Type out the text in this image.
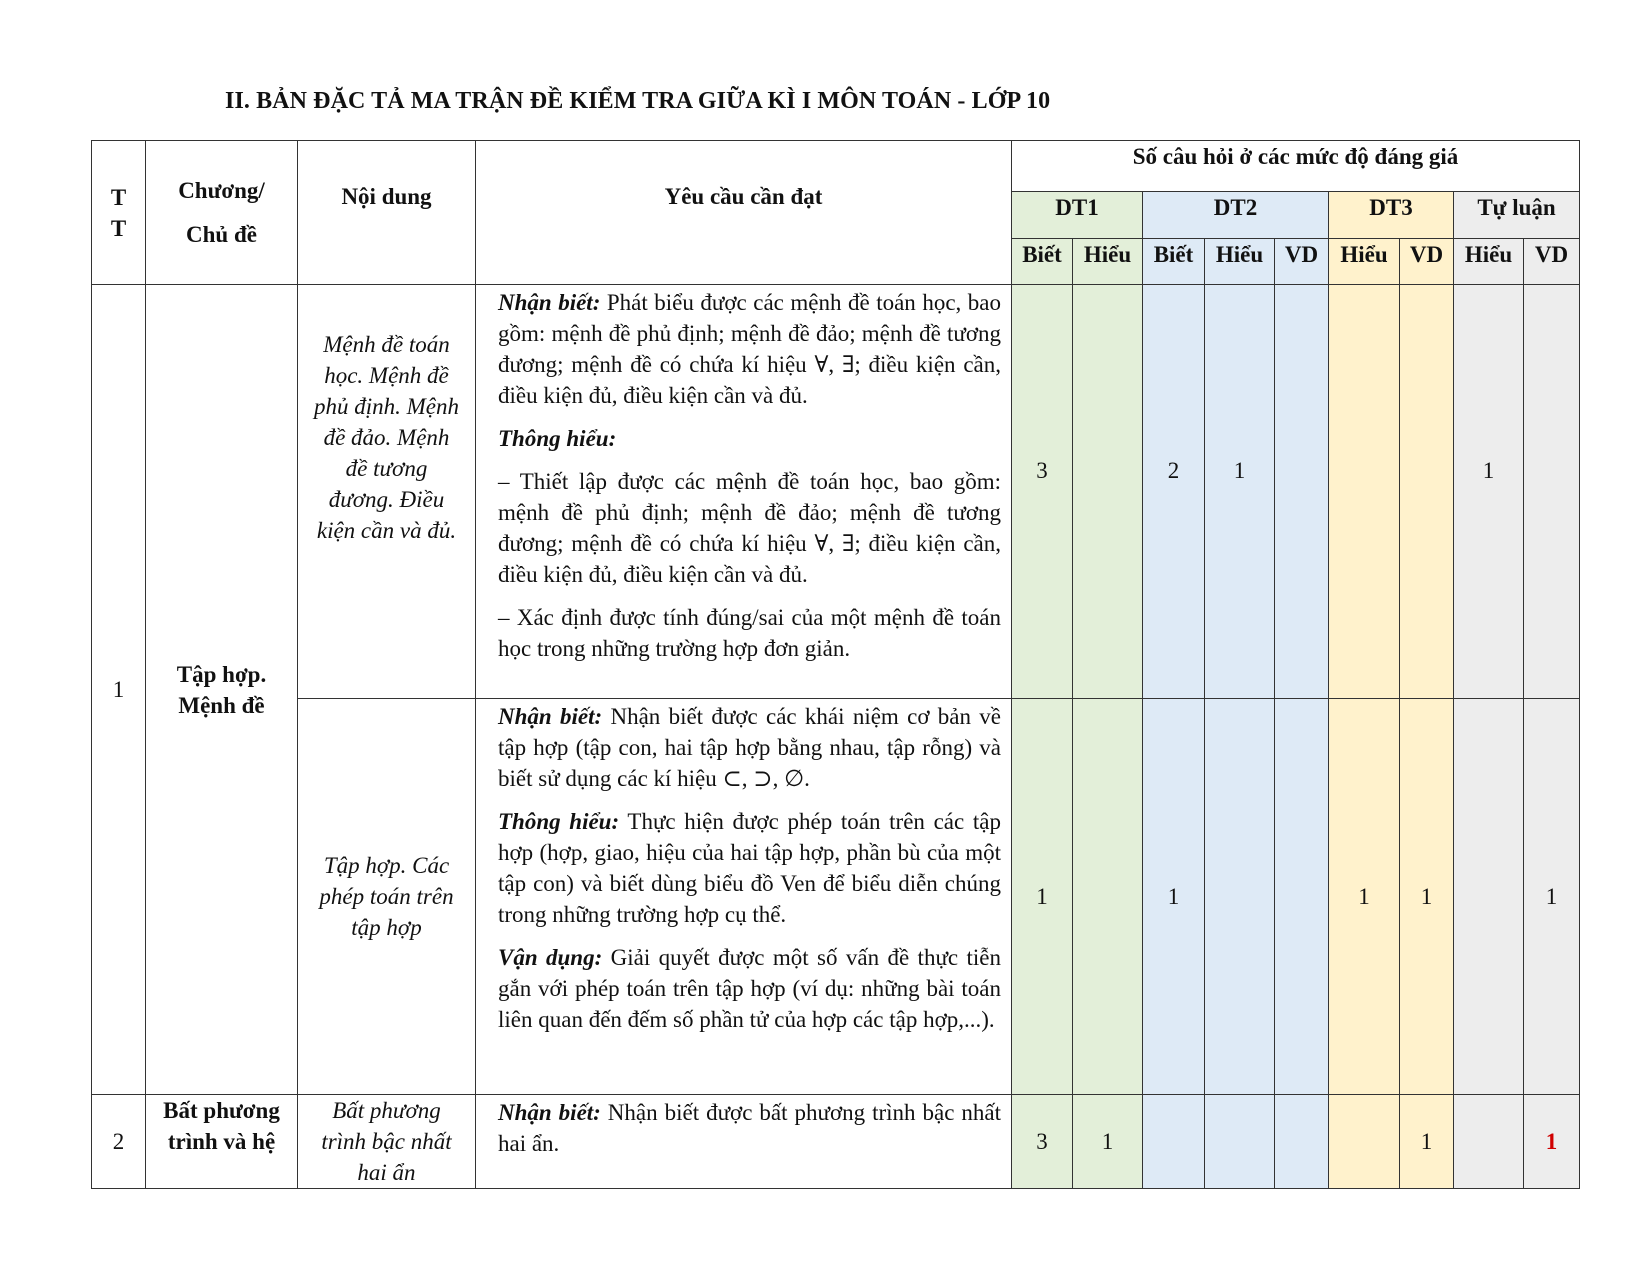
II. BẢN ĐẶC TẢ MA TRẬN ĐỀ KIỂM TRA GIỮA KÌ I MÔN TOÁN - LỚP 10
T
T	Chương/
Chủ đề	Nội dung	Yêu cầu cần đạt	Số câu hỏi ở các mức độ đáng giá								
				DT1		DT2			DT3		Tự luận	
				Biết	Hiểu	Biết	Hiểu	VD	Hiểu	VD	Hiểu	VD
1	Tập hợp. Mệnh đề	Mệnh đề toán học. Mệnh đề phủ định. Mệnh đề đảo. Mệnh đề tương đương. Điều kiện cần và đủ.	Nhận biết: Phát biểu được các mệnh đề toán học, bao gồm: mệnh đề phủ định; mệnh đề đảo; mệnh đề tương đương; mệnh đề có chứa kí hiệu ∀, ∃; điều kiện cần, điều kiện đủ, điều kiện cần và đủ.

Thông hiểu:

– Thiết lập được các mệnh đề toán học, bao gồm: mệnh đề phủ định; mệnh đề đảo; mệnh đề tương đương; mệnh đề có chứa kí hiệu ∀, ∃; điều kiện cần, điều kiện đủ, điều kiện cần và đủ.

– Xác định được tính đúng/sai của một mệnh đề toán học trong những trường hợp đơn giản.	3		2	1				1	
		Tập hợp. Các phép toán trên tập hợp	Nhận biết: Nhận biết được các khái niệm cơ bản về tập hợp (tập con, hai tập hợp bằng nhau, tập rỗng) và biết sử dụng các kí hiệu ⊂, ⊃, ∅.

Thông hiểu: Thực hiện được phép toán trên các tập hợp (hợp, giao, hiệu của hai tập hợp, phần bù của một tập con) và biết dùng biểu đồ Ven để biểu diễn chúng trong những trường hợp cụ thể.

Vận dụng: Giải quyết được một số vấn đề thực tiễn gắn với phép toán trên tập hợp (ví dụ: những bài toán liên quan đến đếm số phần tử của hợp các tập hợp,...).	1		1			1	1		1
2	Bất phương trình và hệ	Bất phương trình bậc nhất hai ẩn	Nhận biết: Nhận biết được bất phương trình bậc nhất hai ẩn.	3	1					1		1
